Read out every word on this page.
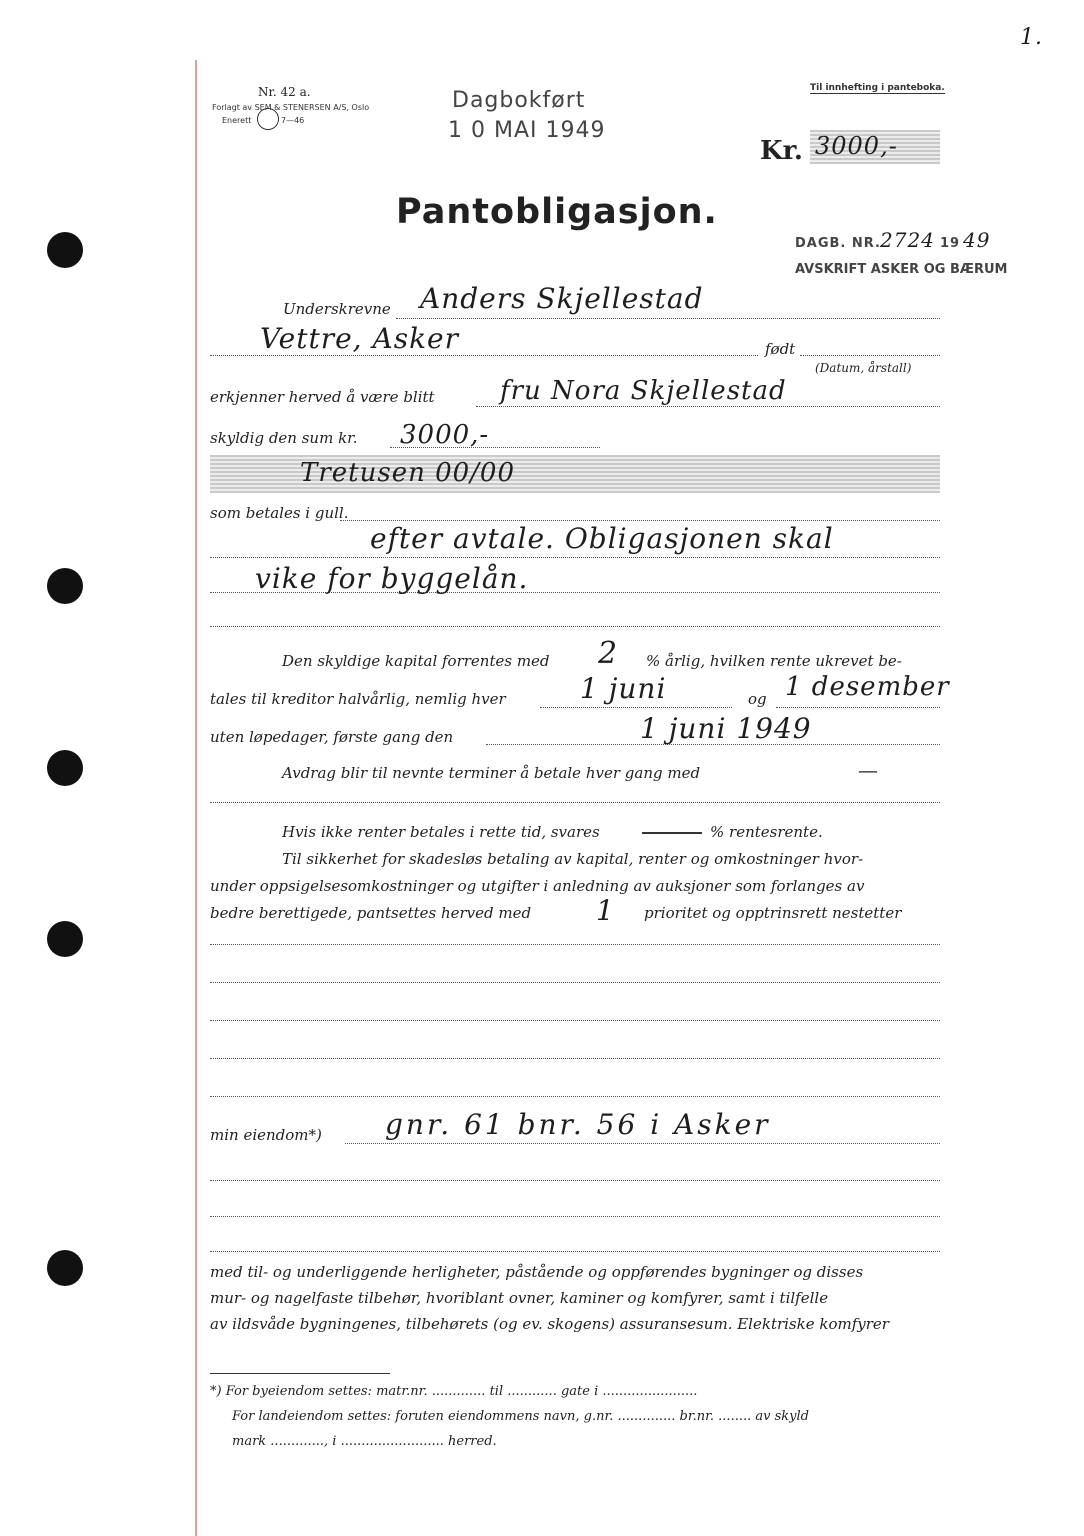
1.
Nr. 42 a.
Forlagt av SEM & STENERSEN A/S, Oslo
Enerett	7—46
Til innhefting i panteboka.
Dagbokført
1 0 MAI 1949
Kr. 3000,-
Pantobligasjon.
DAGB. NR. 2724 19 49
AVSKRIFT ASKER OG BÆRUM
Underskrevne Anders Skjellestad
Vettre, Asker	født
(Datum, årstall)
erkjenner herved å være blitt	fru Nora Skjellestad
skyldig den sum kr. 3000,-
Tretusen 00/00
som betales i gull.
efter avtale. Obligasjonen skal
vike for byggelån.
Den skyldige kapital forrentes med 2 % årlig, hvilken rente ukrevet be-
tales til kreditor halvårlig, nemlig hver	1 juni	og 1 desember
uten løpedager, første gang den	1 juni 1949
Avdrag blir til nevnte terminer å betale hver gang med	—
Hvis ikke renter betales i rette tid, svares	% rentesrente.
Til sikkerhet for skadesløs betaling av kapital, renter og omkostninger hvor-
under oppsigelsesomkostninger og utgifter i anledning av auksjoner som forlanges av
bedre berettigede, pantsettes herved med 1 prioritet og opptrinsrett nestetter
min eiendom*) gnr. 61 bnr. 56 i Asker
med til- og underliggende herligheter, påstående og oppførendes bygninger og disses
mur- og nagelfaste tilbehør, hvoriblant ovner, kaminer og komfyrer, samt i tilfelle
av ildsvåde bygningenes, tilbehørets (og ev. skogens) assuransesum. Elektriske komfyrer
*) For byeiendom settes: matr.nr. ............. til ............ gate i .......................
For landeiendom settes: foruten eiendommens navn, g.nr. .............. br.nr. ........ av skyld
mark ............., i ......................... herred.
